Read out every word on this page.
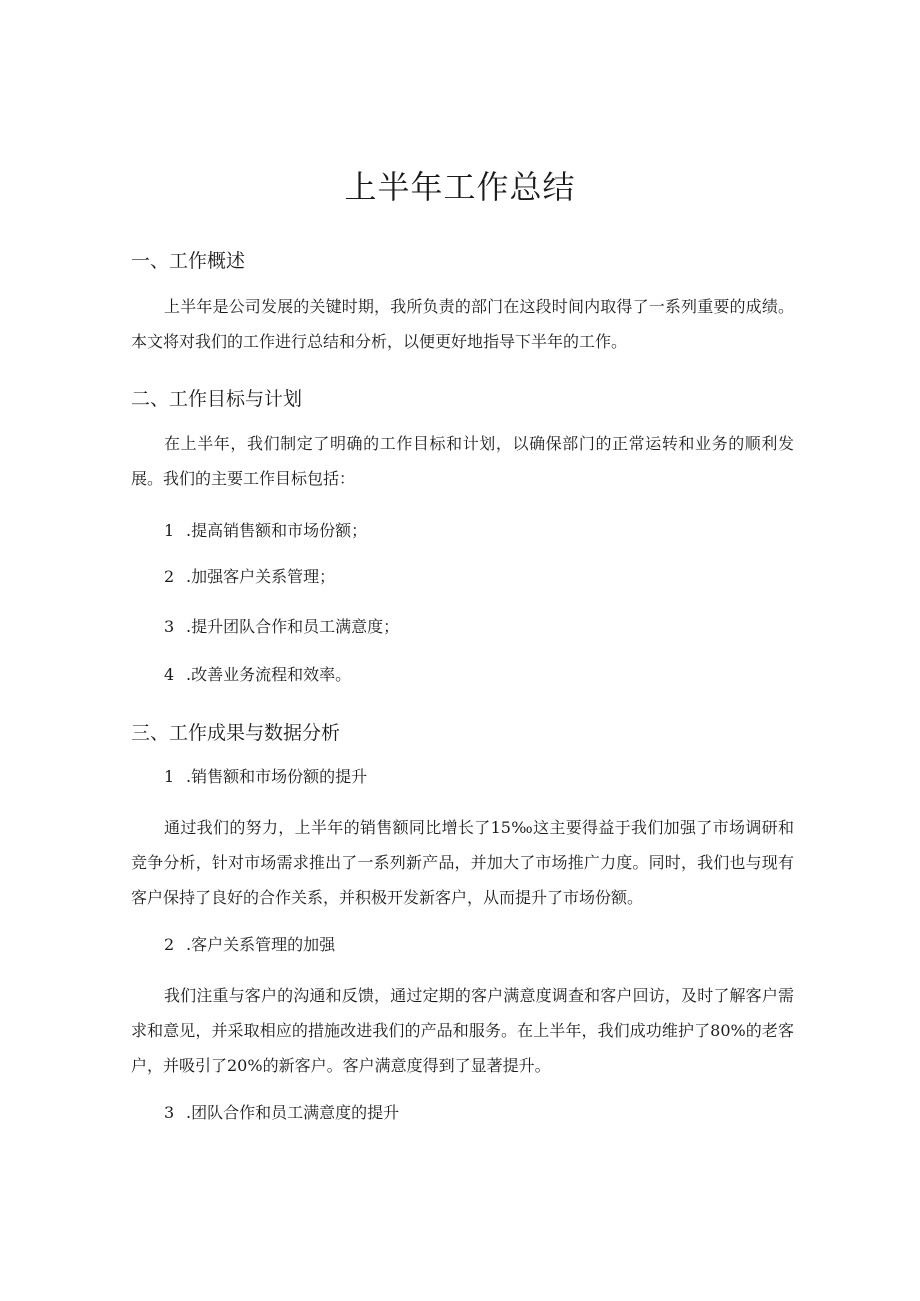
上半年工作总结
一、工作概述

上半年是公司发展的关键时期，我所负责的部门在这段时间内取得了一系列重要的成绩。本文将对我们的工作进行总结和分析，以便更好地指导下半年的工作。

二、工作目标与计划

在上半年，我们制定了明确的工作目标和计划，以确保部门的正常运转和业务的顺利发展。我们的主要工作目标包括：

1 .提高销售额和市场份额；
2 .加强客户关系管理；
3 .提升团队合作和员工满意度；
4 .改善业务流程和效率。
三、工作成果与数据分析
1 .销售额和市场份额的提升

通过我们的努力，上半年的销售额同比增长了15‰这主要得益于我们加强了市场调研和竞争分析，针对市场需求推出了一系列新产品，并加大了市场推广力度。同时，我们也与现有客户保持了良好的合作关系，并积极开发新客户，从而提升了市场份额。

2 .客户关系管理的加强

我们注重与客户的沟通和反馈，通过定期的客户满意度调查和客户回访，及时了解客户需求和意见，并采取相应的措施改进我们的产品和服务。在上半年，我们成功维护了80%的老客户，并吸引了20%的新客户。客户满意度得到了显著提升。

3 .团队合作和员工满意度的提升
